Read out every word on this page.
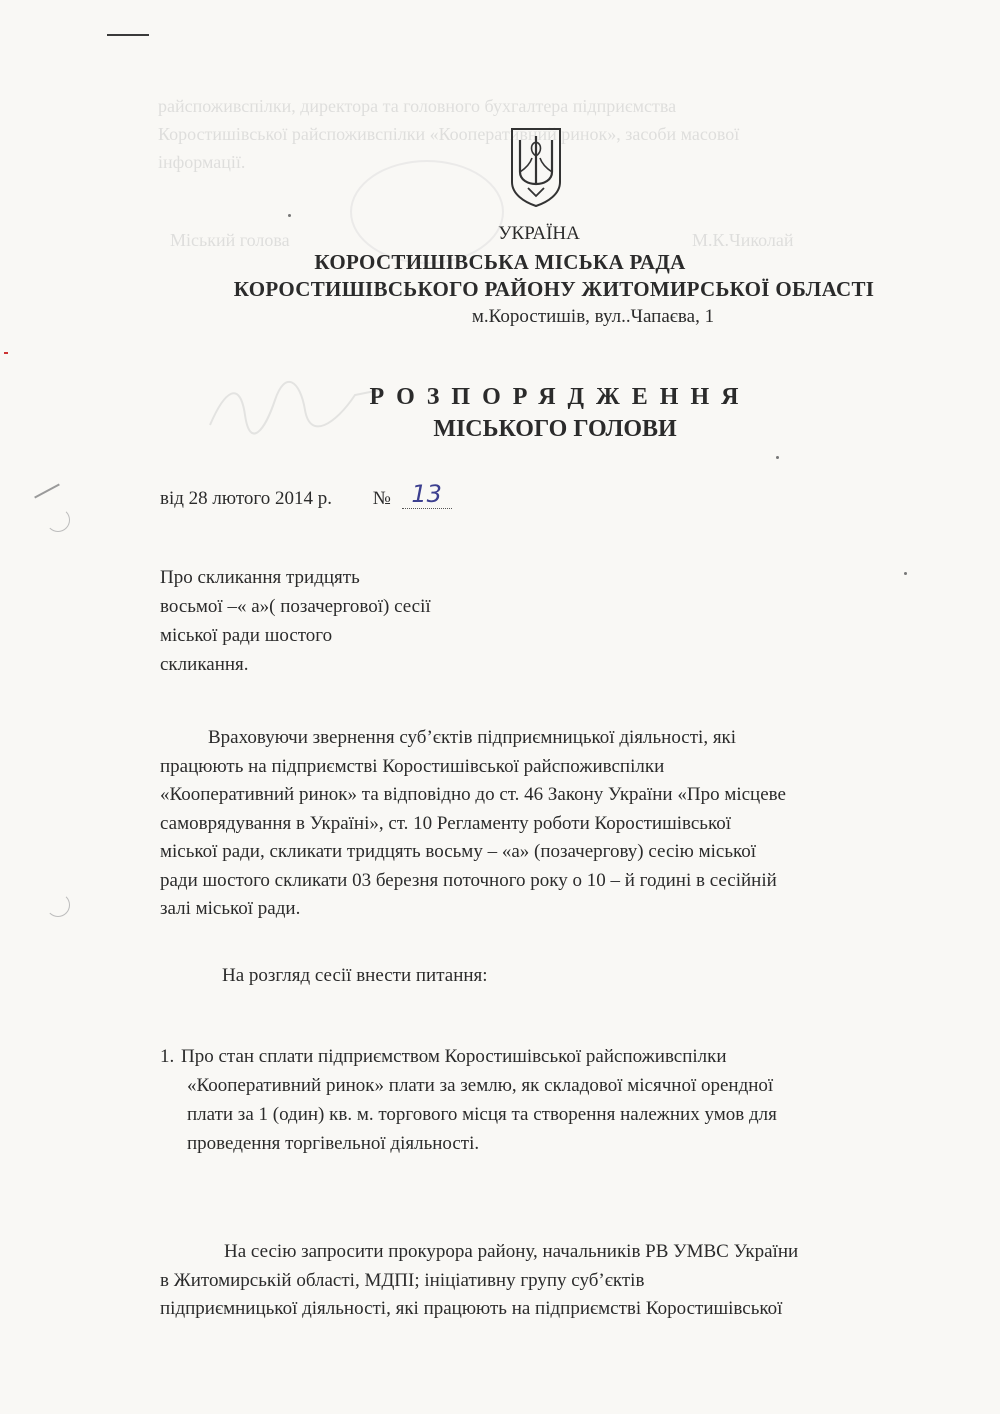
райспоживспілки, директора та головного бухгалтера підприємства
Коростишівської райспоживспілки «Кооперативний ринок», засоби масової
інформації.
Міський голова	М.К.Чиколай
УКРАЇНА
КОРОСТИШІВСЬКА МІСЬКА РАДА
КОРОСТИШІВСЬКОГО РАЙОНУ ЖИТОМИРСЬКОЇ ОБЛАСТІ
м.Коростишів, вул..Чапаєва, 1
РОЗПОРЯДЖЕННЯ
МІСЬКОГО ГОЛОВИ
від 28 лютого 2014 р. № 13
Про скликання тридцять
восьмої –« а»( позачергової) сесії
міської ради шостого
скликання.
Враховуючи звернення суб’єктів підприємницької діяльності, які
працюють на підприємстві Коростишівської райспоживспілки
«Кооперативний ринок» та відповідно до ст. 46 Закону України «Про місцеве
самоврядування в Україні», ст. 10 Регламенту роботи Коростишівської
міської ради, скликати тридцять восьму – «а» (позачергову) сесію міської
ради шостого скликати 03 березня поточного року о 10 – й годині в сесійній
залі міської ради.
На розгляд сесії внести питання:
1. Про стан сплати підприємством Коростишівської райспоживспілки
«Кооперативний ринок» плати за землю, як складової місячної орендної
плати за 1 (один) кв. м. торгового місця та створення належних умов для
проведення торгівельної діяльності.
На сесію запросити прокурора району, начальників РВ УМВС України
в Житомирській області, МДПІ; ініціативну групу суб’єктів
підприємницької діяльності, які працюють на підприємстві Коростишівської
